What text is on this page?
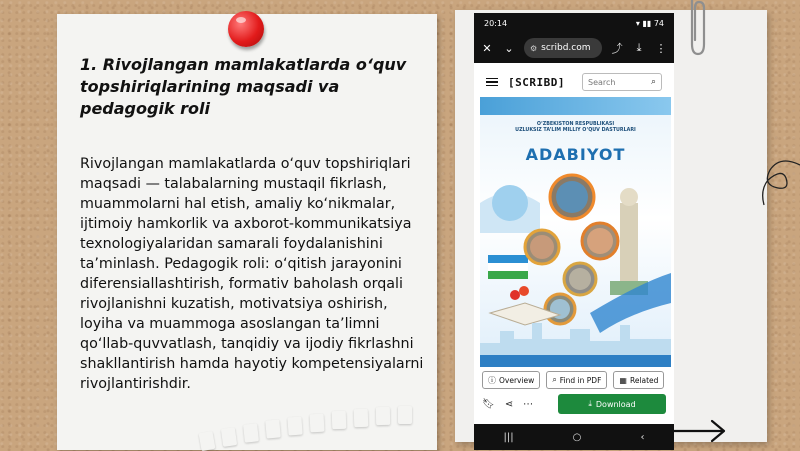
1. Rivojlangan mamlakatlarda o‘quv topshiriqlarining maqsadi va pedagogik roli
Rivojlangan mamlakatlarda o‘quv topshiriqlari maqsadi — talabalarning mustaqil fikrlash, muammolarni hal etish, amaliy ko‘nikmalar, ijtimoiy hamkorlik va axborot-kommunikatsiya texnologiyalaridan samarali foydalanishini ta’minlash. Pedagogik roli: o‘qitish jarayonini diferensiallashtirish, formativ baholash orqali rivojlanishni kuzatish, motivatsiya oshirish, loyiha va muammoga asoslangan ta’limni qo‘llab-quvvatlash, tanqidiy va ijodiy fikrlashni shakllantirish hamda hayotiy kompetensiyalarni rivojlantirishdir.
20:14	▾ ▮▮ 74
✕ ⌄ ⚙ scribd.com ⤴	⤓	⋮
[SCRIBD]	Search	⌕
O‘ZBEKISTON RESPUBLIKASI
UZLUKSIZ TA’LIM MILLIY O‘QUV DASTURLARI
ADABIYOT
ⓘ Overview ⌕ Find in PDF ▦ Related
🔖︎ ⋖ ⋯	⤓ Download
|||	○	‹
